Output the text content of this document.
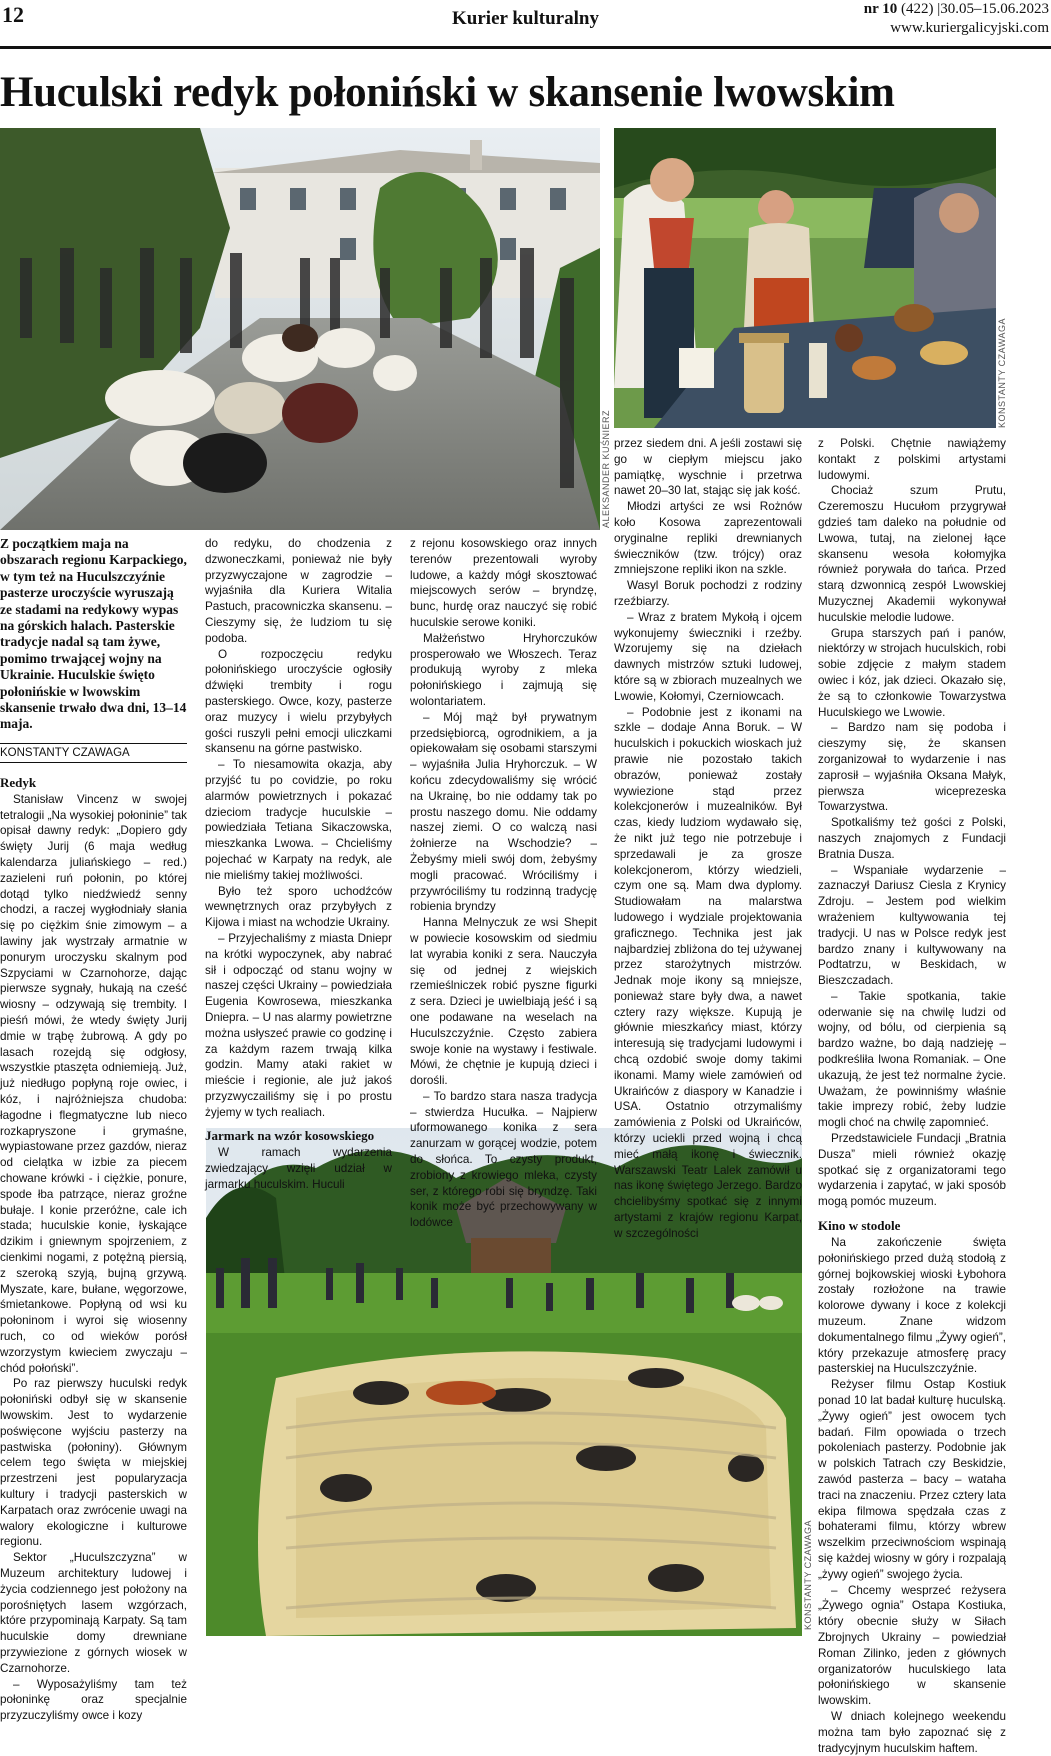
12	Kurier kulturalny	nr 10 (422) |30.05–15.06.2023
www.kuriergalicyjski.com
Huculski redyk połoniński w skansenie lwowskim
ALEKSANDER KUŚNIERZ
KONSTANTY CZAWAGA
KONSTANTY CZAWAGA
Z początkiem maja na obszarach regionu Karpackiego, w tym też na Huculszczyźnie pasterze uroczyście wyruszają ze stadami na redykowy wypas na górskich halach. Pasterskie tradycje nadal są tam żywe, pomimo trwającej wojny na Ukrainie. Huculskie święto połonińskie w lwowskim skansenie trwało dwa dni, 13–14 maja.
KONSTANTY CZAWAGA
Redyk

Stanisław Vincenz w swojej tetralogii „Na wysokiej połoninie” tak opisał dawny redyk: „Dopiero gdy święty Jurij (6 maja według kalendarza juliańskiego – red.) zazieleni ruń połonin, po której dotąd tylko niedźwiedź senny chodzi, a raczej wygłodniały słania się po ciężkim śnie zimowym – a lawiny jak wystrzały armatnie w ponurym uroczysku skalnym pod Szpyciami w Czarnohorze, dając pierwsze sygnały, hukają na cześć wiosny – odzywają się trembity. I pieśń mówi, że wtedy święty Jurij dmie w trąbę żubrową. A gdy po lasach rozejdą się odgłosy, wszystkie ptaszęta odniemieją. Już, już niedługo popłyną roje owiec, i kóz, i najróżniejsza chudoba: łagodne i flegmatyczne lub nieco rozkapryszone i grymaśne, wypiastowane przez gazdów, nieraz od cielątka w izbie za piecem chowane krówki - i ciężkie, ponure, spode łba patrzące, nieraz groźne bułaje. I konie przeróżne, cale ich stada; huculskie konie, łyskające dzikim i gniewnym spojrzeniem, z cienkimi nogami, z potężną piersią, z szeroką szyją, bujną grzywą. Myszate, kare, bułane, węgorzowe, śmietankowe. Popłyną od wsi ku połoninom i wyroi się wiosenny ruch, co od wieków porósł wzorzystym kwieciem zwyczaju – chód połoński”.

Po raz pierwszy huculski redyk połoniński odbył się w skansenie lwowskim. Jest to wydarzenie poświęcone wyjściu pasterzy na pastwiska (połoniny). Głównym celem tego święta w miejskiej przestrzeni jest popularyzacja kultury i tradycji pasterskich w Karpatach oraz zwrócenie uwagi na walory ekologiczne i kulturowe regionu.

Sektor „Huculszczyzna” w Muzeum architektury ludowej i życia codziennego jest położony na porośniętych lasem wzgórzach, które przypominają Karpaty. Są tam huculskie domy drewniane przywiezione z górnych wiosek w Czarnohorze.

– Wyposażyliśmy tam też połoninkę oraz specjalnie przyzuczyliśmy owce i kozy

do redyku, do chodzenia z dzwoneczkami, ponieważ nie były przyzwyczajone w zagrodzie – wyjaśniła dla Kuriera Witalia Pastuch, pracowniczka skansenu. – Cieszymy się, że ludziom tu się podoba.

O rozpoczęciu redyku połonińskiego uroczyście ogłosiły dźwięki trembity i rogu pasterskiego. Owce, kozy, pasterze oraz muzycy i wielu przybyłych gości ruszyli pełni emocji uliczkami skansenu na górne pastwisko.

– To niesamowita okazja, aby przyjść tu po covidzie, po roku alarmów powietrznych i pokazać dzieciom tradycje huculskie – powiedziała Tetiana Sikaczowska, mieszkanka Lwowa. – Chcieliśmy pojechać w Karpaty na redyk, ale nie mieliśmy takiej możliwości.

Było też sporo uchodźców wewnętrznych oraz przybyłych z Kijowa i miast na wchodzie Ukrainy.

– Przyjechaliśmy z miasta Dniepr na krótki wypoczynek, aby nabrać sił i odpocząć od stanu wojny w naszej części Ukrainy – powiedziała Eugenia Kowrosewa, mieszkanka Dniepra. – U nas alarmy powietrzne można usłyszeć prawie co godzinę i za każdym razem trwają kilka godzin. Mamy ataki rakiet w mieście i regionie, ale już jakoś przyzwyczailiśmy się i po prostu żyjemy w tych realiach.

Jarmark na wzór kosowskiego

W ramach wydarzenia zwiedzający wzięli udział w jarmarku huculskim. Huculi

z rejonu kosowskiego oraz innych terenów prezentowali wyroby ludowe, a każdy mógł skosztować miejscowych serów – bryndzę, bunc, hurdę oraz nauczyć się robić huculskie serowe koniki.

Małżeństwo Hryhorczuków prosperowało we Włoszech. Teraz produkują wyroby z mleka połonińskiego i zajmują się wolontariatem.

– Mój mąż był prywatnym przedsiębiorcą, ogrodnikiem, a ja opiekowałam się osobami starszymi – wyjaśniła Julia Hryhorczuk. – W końcu zdecydowaliśmy się wrócić na Ukrainę, bo nie oddamy tak po prostu naszego domu. Nie oddamy naszej ziemi. O co walczą nasi żołnierze na Wschodzie? – Żebyśmy mieli swój dom, żebyśmy mogli pracować. Wróciliśmy i przywróciliśmy tu rodzinną tradycję robienia bryndzy

Hanna Melnyczuk ze wsi Shepit w powiecie kosowskim od siedmiu lat wyrabia koniki z sera. Nauczyła się od jednej z wiejskich rzemieślniczek robić pyszne figurki z sera. Dzieci je uwielbiają jeść i są one podawane na weselach na Huculszczyźnie. Często zabiera swoje konie na wystawy i festiwale. Mówi, że chętnie je kupują dzieci i dorośli.

– To bardzo stara nasza tradycja – stwierdza Hucułka. – Najpierw uformowanego konika z sera zanurzam w gorącej wodzie, potem do słońca. To czysty produkt, zrobiony z krowiego mleka, czysty ser, z którego robi się bryndzę. Taki konik może być przechowywany w lodówce

przez siedem dni. A jeśli zostawi się go w ciepłym miejscu jako pamiątkę, wyschnie i przetrwa nawet 20–30 lat, stając się jak kość.

Młodzi artyści ze wsi Rożnów koło Kosowa zaprezentowali oryginalne repliki drewnianych świeczników (tzw. trójcy) oraz zmniejszone repliki ikon na szkle.

Wasyl Boruk pochodzi z rodziny rzeźbiarzy.

– Wraz z bratem Mykołą i ojcem wykonujemy świeczniki i rzeźby. Wzorujemy się na dziełach dawnych mistrzów sztuki ludowej, które są w zbiorach muzealnych we Lwowie, Kołomyi, Czerniowcach.

– Podobnie jest z ikonami na szkle – dodaje Anna Boruk. – W huculskich i pokuckich wioskach już prawie nie pozostało takich obrazów, ponieważ zostały wywiezione stąd przez kolekcjonerów i muzealników. Był czas, kiedy ludziom wydawało się, że nikt już tego nie potrzebuje i sprzedawali je za grosze kolekcjonerom, którzy wiedzieli, czym one są. Mam dwa dyplomy. Studiowałam na malarstwa ludowego i wydziale projektowania graficznego. Technika jest jak najbardziej zbliżona do tej używanej przez starożytnych mistrzów. Jednak moje ikony są mniejsze, ponieważ stare były dwa, a nawet cztery razy większe. Kupują je głównie mieszkańcy miast, którzy interesują się tradycjami ludowymi i chcą ozdobić swoje domy takimi ikonami. Mamy wiele zamówień od Ukraińców z diaspory w Kanadzie i USA. Ostatnio otrzymaliśmy zamówienia z Polski od Ukraińców, którzy uciekli przed wojną i chcą mieć małą ikonę i świecznik. Warszawski Teatr Lalek zamówił u nas ikonę świętego Jerzego. Bardzo chcielibyśmy spotkać się z innymi artystami z krajów regionu Karpat, w szczególności

z Polski. Chętnie nawiążemy kontakt z polskimi artystami ludowymi.

Chociaż szum Prutu, Czeremoszu Hucułom przygrywał gdzieś tam daleko na południe od Lwowa, tutaj, na zielonej łące skansenu wesoła kołomyjka również porywała do tańca. Przed starą dzwonnicą zespół Lwowskiej Muzycznej Akademii wykonywał huculskie melodie ludowe.

Grupa starszych pań i panów, niektórzy w strojach huculskich, robi sobie zdjęcie z małym stadem owiec i kóz, jak dzieci. Okazało się, że są to członkowie Towarzystwa Huculskiego we Lwowie.

– Bardzo nam się podoba i cieszymy się, że skansen zorganizował to wydarzenie i nas zaprosił – wyjaśniła Oksana Małyk, pierwsza wiceprezeska Towarzystwa.

Spotkaliśmy też gości z Polski, naszych znajomych z Fundacji Bratnia Dusza.

– Wspaniałe wydarzenie – zaznaczył Dariusz Ciesla z Krynicy Zdroju. – Jestem pod wielkim wrażeniem kultywowania tej tradycji. U nas w Polsce redyk jest bardzo znany i kultywowany na Podtatrzu, w Beskidach, w Bieszczadach.

– Takie spotkania, takie oderwanie się na chwilę ludzi od wojny, od bólu, od cierpienia są bardzo ważne, bo dają nadzieję – podkreśliła Iwona Romaniak. – One ukazują, że jest też normalne życie. Uważam, że powinniśmy właśnie takie imprezy robić, żeby ludzie mogli choć na chwilę zapomnieć.

Przedstawiciele Fundacji „Bratnia Dusza” mieli również okazję spotkać się z organizatorami tego wydarzenia i zapytać, w jaki sposób mogą pomóc muzeum.

Kino w stodole

Na zakończenie święta połonińskiego przed dużą stodołą z górnej bojkowskiej wioski Łybohora zostały rozłożone na trawie kolorowe dywany i koce z kolekcji muzeum. Znane widzom dokumentalnego filmu „Żywy ogień”, który przekazuje atmosferę pracy pasterskiej na Huculszczyźnie.

Reżyser filmu Ostap Kostiuk ponad 10 lat badał kulturę huculską. „Żywy ogień” jest owocem tych badań. Film opowiada o trzech pokoleniach pasterzy. Podobnie jak w polskich Tatrach czy Beskidzie, zawód pasterza – bacy – wataha traci na znaczeniu. Przez cztery lata ekipa filmowa spędzała czas z bohaterami filmu, którzy wbrew wszelkim przeciwnościom wspinają się każdej wiosny w góry i rozpalają „żywy ogień” swojego życia.

– Chcemy wesprzeć reżysera „Żywego ognia” Ostapa Kostiuka, który obecnie służy w Siłach Zbrojnych Ukrainy – powiedział Roman Zilinko, jeden z głównych organizatorów huculskiego lata połonińskiego w skansenie lwowskim.

W dniach kolejnego weekendu można tam było zapoznać się z tradycyjnym huculskim haftem.
